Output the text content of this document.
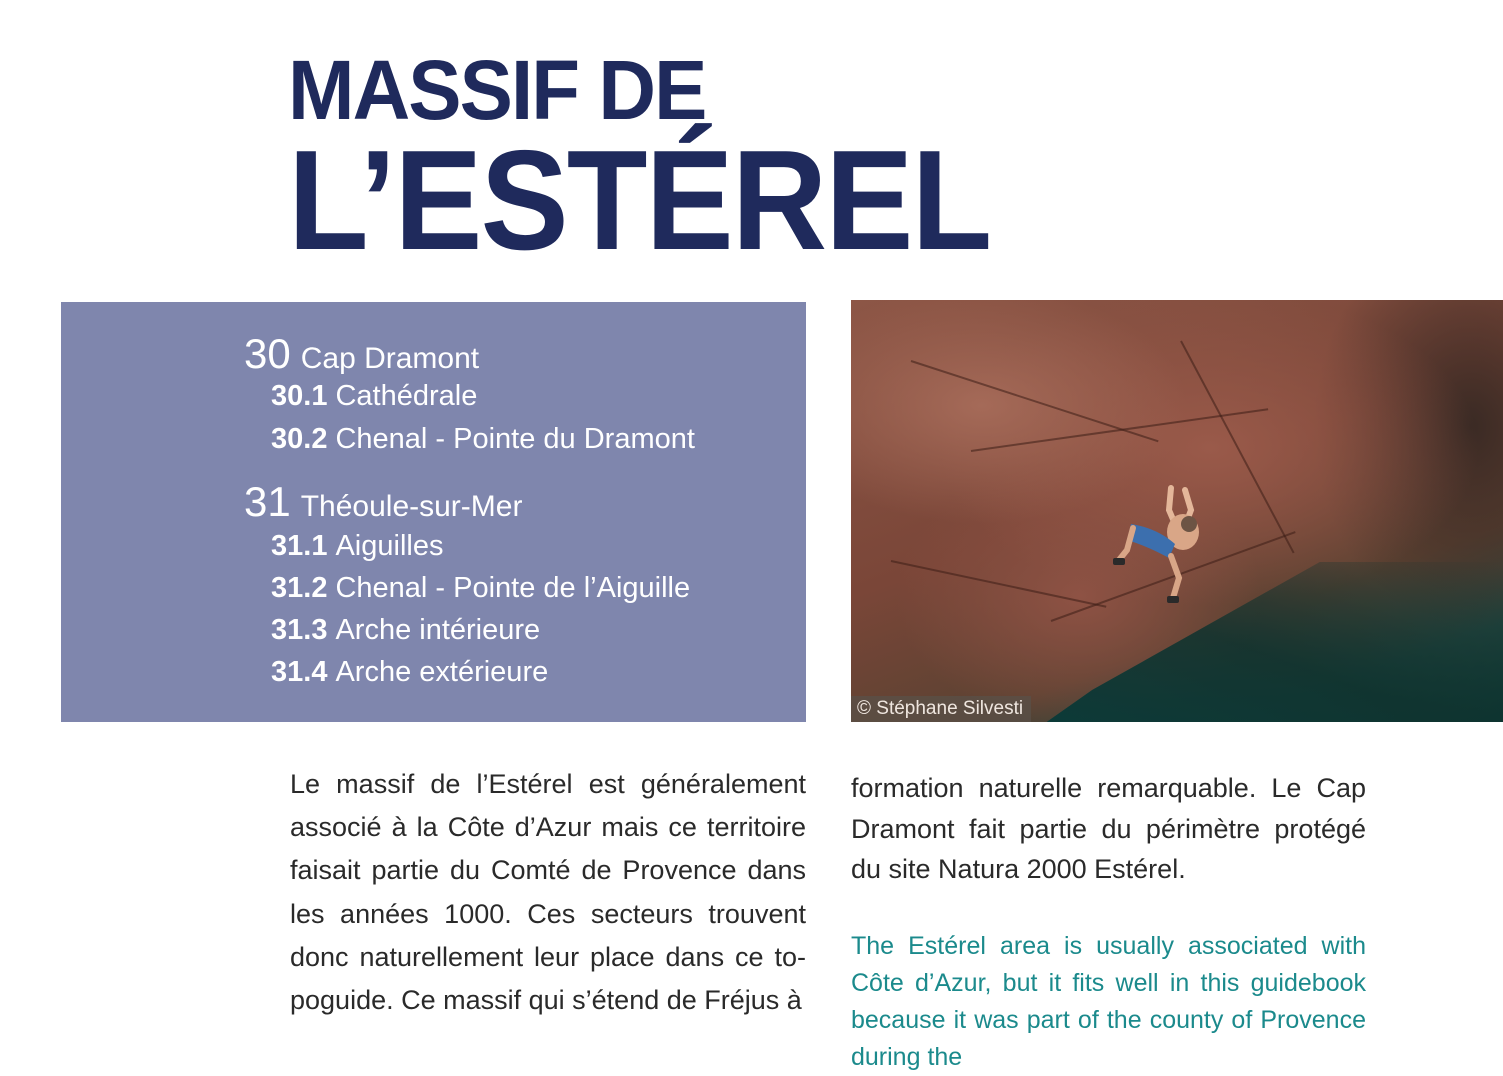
MASSIF DE
L’ESTÉREL
30 Cap Dramont
30.1 Cathédrale
30.2 Chenal - Pointe du Dramont
31 Théoule-sur-Mer
31.1 Aiguilles
31.2 Chenal - Pointe de l’Aiguille
31.3 Arche intérieure
31.4 Arche extérieure
© Stéphane Silvesti

Le massif de l’Estérel est généralement associé à la Côte d’Azur mais ce territoire faisait partie du Comté de Provence dans les années 1000. Ces secteurs trouvent donc naturellement leur place dans ce to-poguide. Ce massif qui s’étend de Fréjus à

formation naturelle remarquable. Le Cap Dramont fait partie du périmètre protégé du site Natura 2000 Estérel.

The Estérel area is usually associated with Côte d’Azur, but it fits well in this guidebook because it was part of the county of Provence during the
